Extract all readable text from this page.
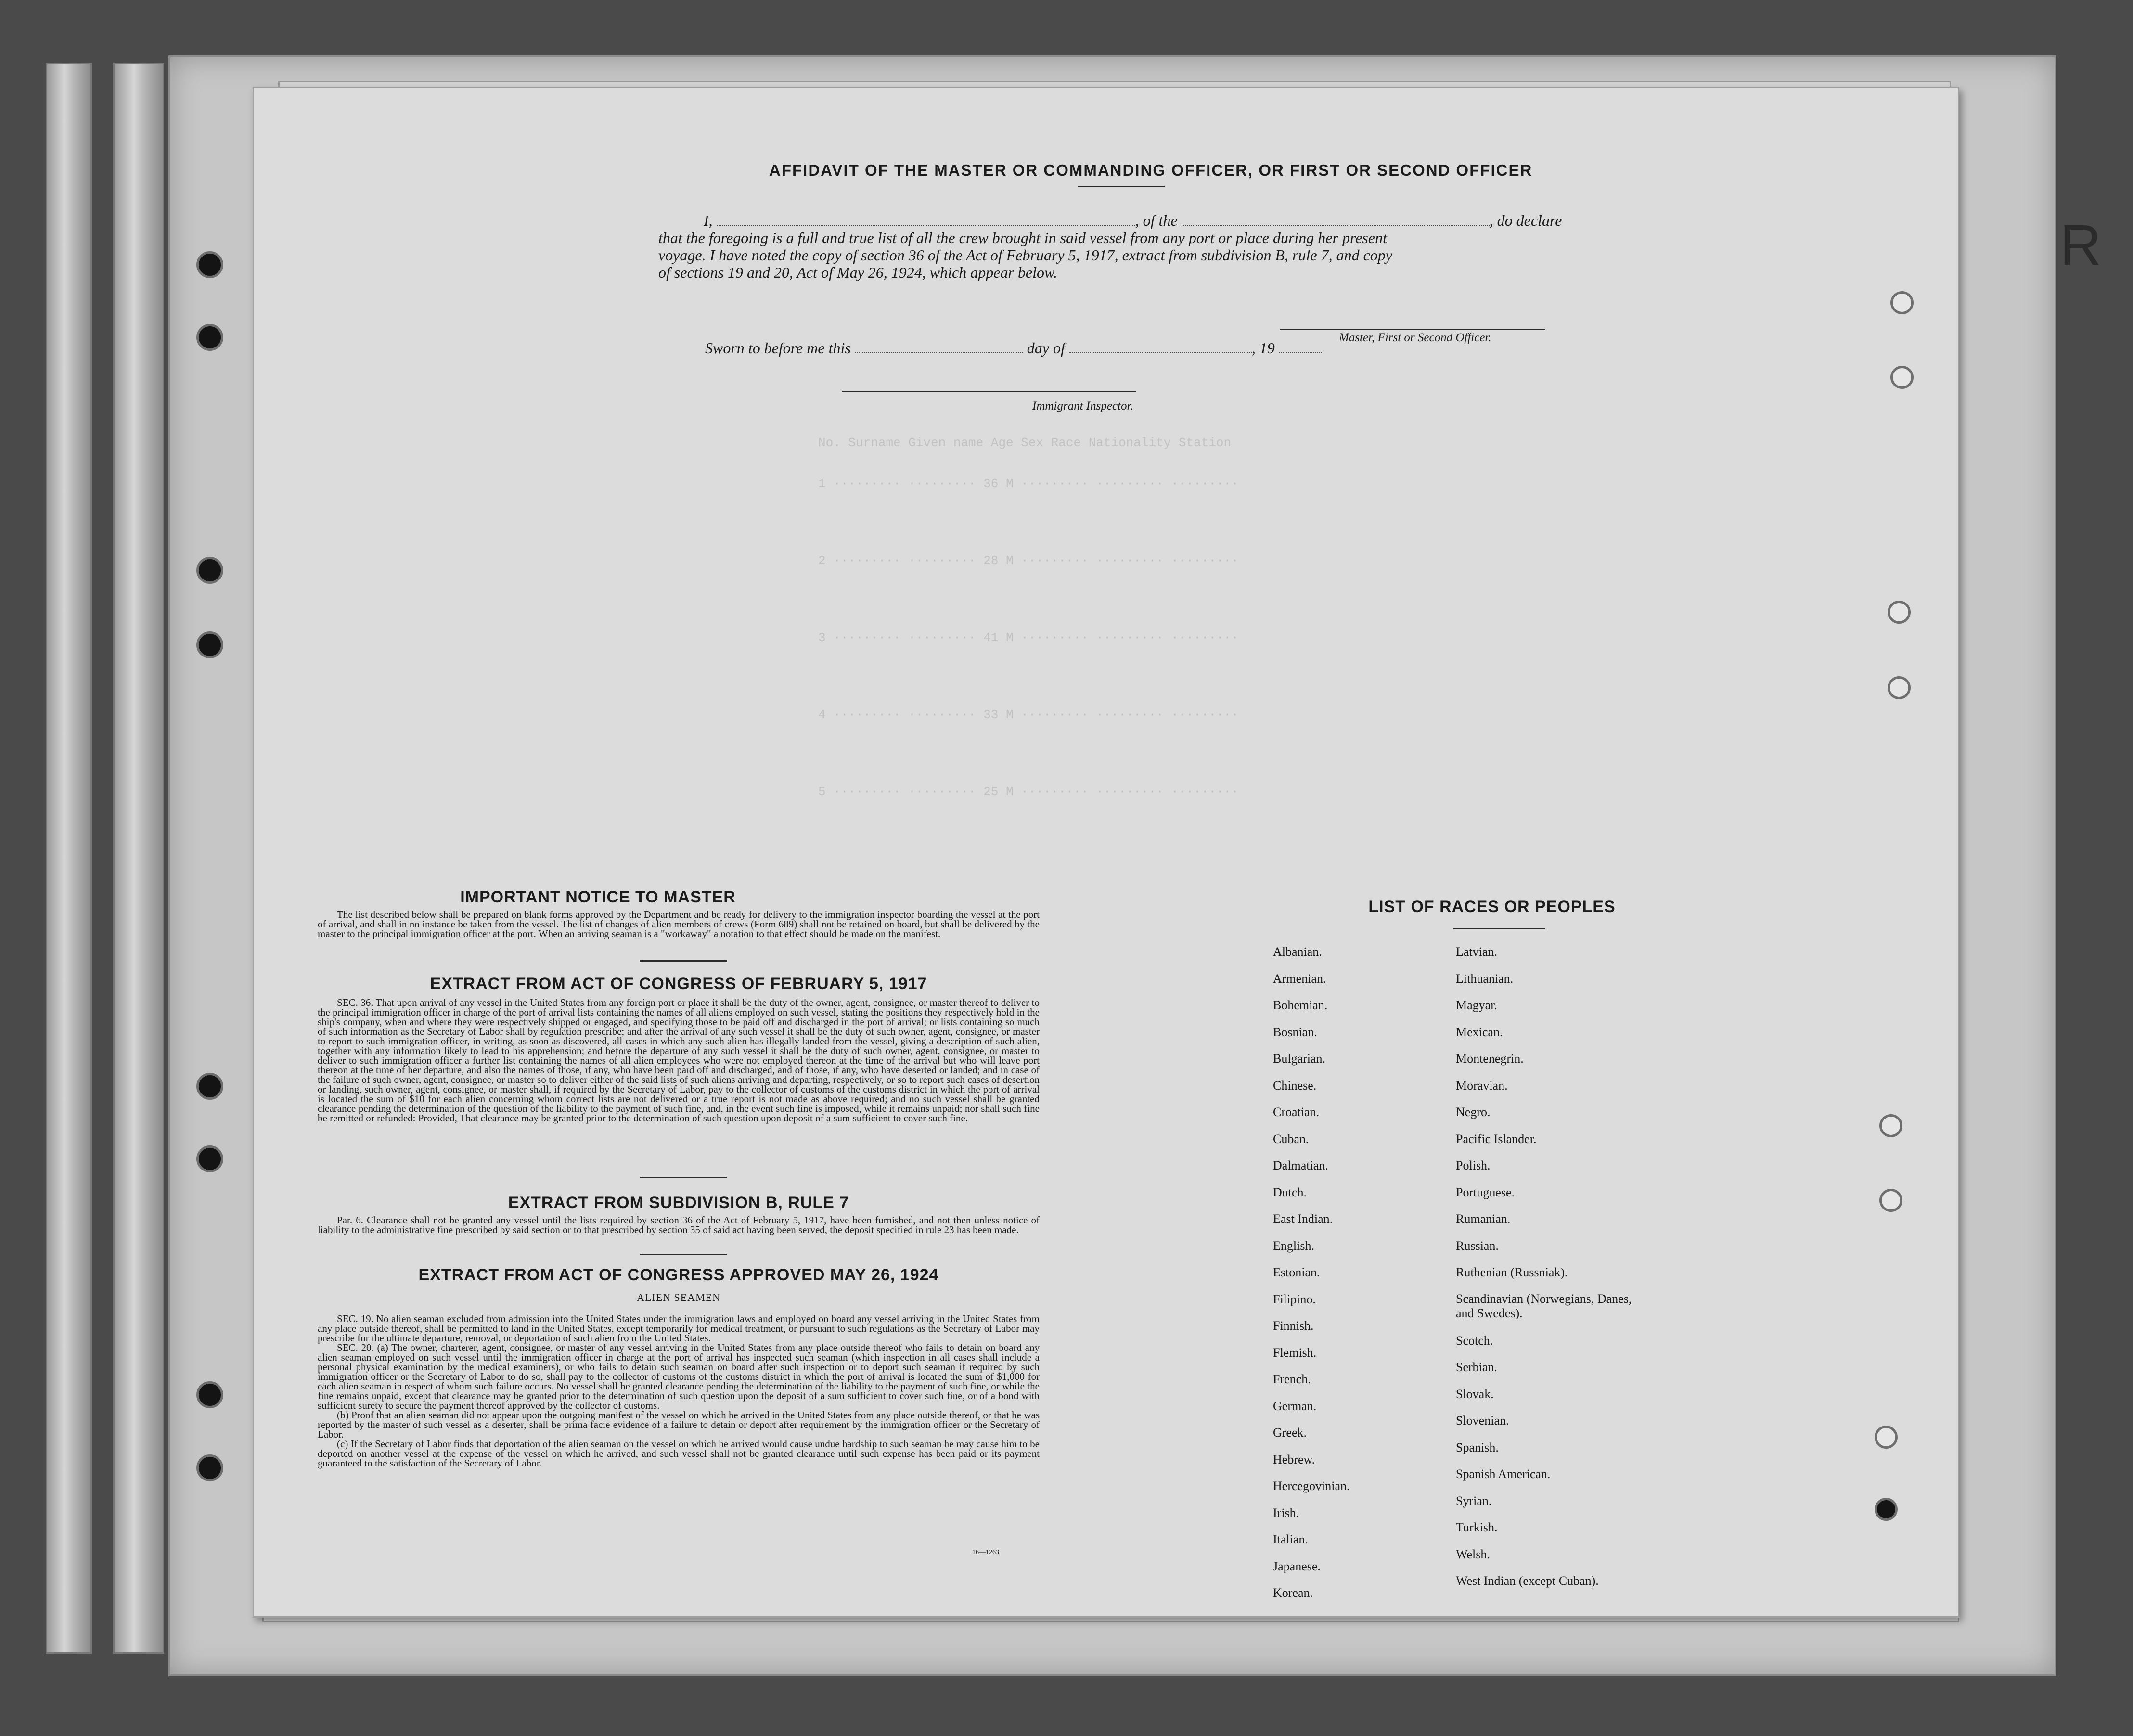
R
AFFIDAVIT OF THE MASTER OR COMMANDING OFFICER, OR FIRST OR SECOND OFFICER
I,	, of the	, do declare
that the foregoing is a full and true list of all the crew brought in said vessel from any port or place during her present
voyage. I have noted the copy of section 36 of the Act of February 5, 1917, extract from subdivision B, rule 7, and copy
of sections 19 and 20, Act of May 26, 1924, which appear below.
Master, First or Second Officer.
Sworn to before me this	day of	, 19
Immigrant Inspector.
No. Surname Given name Age Sex Race Nationality Station
1 ········· ········· 36 M ········· ········· ·········
2 ········· ········· 28 M ········· ········· ·········
3 ········· ········· 41 M ········· ········· ·········
4 ········· ········· 33 M ········· ········· ·········
5 ········· ········· 25 M ········· ········· ·········
IMPORTANT NOTICE TO MASTER

The list described below shall be prepared on blank forms approved by the Department and be ready for delivery to the immigration inspector boarding the vessel at the port of arrival, and shall in no instance be taken from the vessel. The list of changes of alien members of crews (Form 689) shall not be retained on board, but shall be delivered by the master to the principal immigration officer at the port. When an arriving seaman is a "workaway" a notation to that effect should be made on the manifest.

EXTRACT FROM ACT OF CONGRESS OF FEBRUARY 5, 1917

SEC. 36. That upon arrival of any vessel in the United States from any foreign port or place it shall be the duty of the owner, agent, consignee, or master thereof to deliver to the principal immigration officer in charge of the port of arrival lists containing the names of all aliens employed on such vessel, stating the positions they respectively hold in the ship's company, when and where they were respectively shipped or engaged, and specifying those to be paid off and discharged in the port of arrival; or lists containing so much of such information as the Secretary of Labor shall by regulation prescribe; and after the arrival of any such vessel it shall be the duty of such owner, agent, consignee, or master to report to such immigration officer, in writing, as soon as discovered, all cases in which any such alien has illegally landed from the vessel, giving a description of such alien, together with any information likely to lead to his apprehension; and before the departure of any such vessel it shall be the duty of such owner, agent, consignee, or master to deliver to such immigration officer a further list containing the names of all alien employees who were not employed thereon at the time of the arrival but who will leave port thereon at the time of her departure, and also the names of those, if any, who have been paid off and discharged, and of those, if any, who have deserted or landed; and in case of the failure of such owner, agent, consignee, or master so to deliver either of the said lists of such aliens arriving and departing, respectively, or so to report such cases of desertion or landing, such owner, agent, consignee, or master shall, if required by the Secretary of Labor, pay to the collector of customs of the customs district in which the port of arrival is located the sum of $10 for each alien concerning whom correct lists are not delivered or a true report is not made as above required; and no such vessel shall be granted clearance pending the determination of the question of the liability to the payment of such fine, and, in the event such fine is imposed, while it remains unpaid; nor shall such fine be remitted or refunded: Provided, That clearance may be granted prior to the determination of such question upon deposit of a sum sufficient to cover such fine.

EXTRACT FROM SUBDIVISION B, RULE 7

Par. 6. Clearance shall not be granted any vessel until the lists required by section 36 of the Act of February 5, 1917, have been furnished, and not then unless notice of liability to the administrative fine prescribed by said section or to that prescribed by section 35 of said act having been served, the deposit specified in rule 23 has been made.

EXTRACT FROM ACT OF CONGRESS APPROVED MAY 26, 1924
ALIEN SEAMEN

SEC. 19. No alien seaman excluded from admission into the United States under the immigration laws and employed on board any vessel arriving in the United States from any place outside thereof, shall be permitted to land in the United States, except temporarily for medical treatment, or pursuant to such regulations as the Secretary of Labor may prescribe for the ultimate departure, removal, or deportation of such alien from the United States.

SEC. 20. (a) The owner, charterer, agent, consignee, or master of any vessel arriving in the United States from any place outside thereof who fails to detain on board any alien seaman employed on such vessel until the immigration officer in charge at the port of arrival has inspected such seaman (which inspection in all cases shall include a personal physical examination by the medical examiners), or who fails to detain such seaman on board after such inspection or to deport such seaman if required by such immigration officer or the Secretary of Labor to do so, shall pay to the collector of customs of the customs district in which the port of arrival is located the sum of $1,000 for each alien seaman in respect of whom such failure occurs. No vessel shall be granted clearance pending the determination of the liability to the payment of such fine, or while the fine remains unpaid, except that clearance may be granted prior to the determination of such question upon the deposit of a sum sufficient to cover such fine, or of a bond with sufficient surety to secure the payment thereof approved by the collector of customs.

(b) Proof that an alien seaman did not appear upon the outgoing manifest of the vessel on which he arrived in the United States from any place outside thereof, or that he was reported by the master of such vessel as a deserter, shall be prima facie evidence of a failure to detain or deport after requirement by the immigration officer or the Secretary of Labor.

(c) If the Secretary of Labor finds that deportation of the alien seaman on the vessel on which he arrived would cause undue hardship to such seaman he may cause him to be deported on another vessel at the expense of the vessel on which he arrived, and such vessel shall not be granted clearance until such expense has been paid or its payment guaranteed to the satisfaction of the Secretary of Labor.

16—1263
LIST OF RACES OR PEOPLES
Albanian.
Armenian.
Bohemian.
Bosnian.
Bulgarian.
Chinese.
Croatian.
Cuban.
Dalmatian.
Dutch.
East Indian.
English.
Estonian.
Filipino.
Finnish.
Flemish.
French.
German.
Greek.
Hebrew.
Hercegovinian.
Irish.
Italian.
Japanese.
Korean.
Latvian.
Lithuanian.
Magyar.
Mexican.
Montenegrin.
Moravian.
Negro.
Pacific Islander.
Polish.
Portuguese.
Rumanian.
Russian.
Ruthenian (Russniak).
Scandinavian (Norwegians, Danes, and Swedes).
Scotch.
Serbian.
Slovak.
Slovenian.
Spanish.
Spanish American.
Syrian.
Turkish.
Welsh.
West Indian (except Cuban).
